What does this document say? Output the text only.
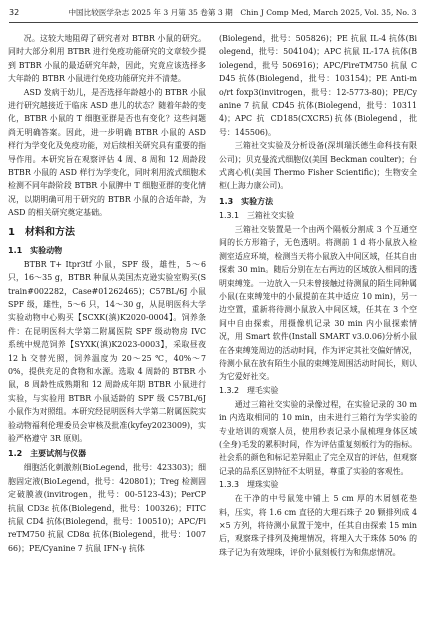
32	中国比较医学杂志 2025 年 3 月第 35 卷第 3 期　Chin J Comp Med, March 2025, Vol. 35, No. 3

况。这较大地阻碍了研究者对 BTBR 小鼠的研究。同时大部分利用 BTBR 进行免疫功能研究的文章较少提到 BTBR 小鼠的最适研究年龄，因此，究竟应该选择多大年龄的 BTBR 小鼠进行免疫功能研究并不清楚。

ASD 发病于幼儿，是否选择年龄越小的 BTBR 小鼠进行研究越接近于临床 ASD 患儿的状态？随着年龄的变化，BTBR 小鼠的 T 细胞亚群是否也有变化？这些问题尚无明确答案。因此，进一步明确 BTBR 小鼠的 ASD 样行为学变化及免疫功能，对后续相关研究具有重要的指导作用。本研究旨在观察评估 4 周、8 周和 12 周龄段 BTBR 小鼠的 ASD 样行为学变化，同时利用流式细胞术检测不同年龄阶段 BTBR 小鼠脾中 T 细胞亚群的变化情况，以期明确可用于研究的 BTBR 小鼠的合适年龄，为 ASD 的相关研究奠定基础。

1　材料和方法
1.1　实验动物

BTBR T+ Itpr3tf 小鼠，SPF 级，雄性，5～6 只，16～35 g，BTBR 种鼠从美国杰克逊实验室购买(Strain#002282，Case#01262465)；C57BL/6J 小鼠 SPF 级，雄性，5～6 只，14～30 g，从昆明医科大学实验动物中心购买【SCXK(滇)K2020-0004】。饲养条件：在昆明医科大学第二附属医院 SPF 级动物房 IVC 系统中规范饲养【SYXK(滇)K2023-0003】，采取昼夜 12 h 交替光照，饲养温度为 20～25 ℃，40%～70%，提供充足的食物和水源。选取 4 周龄的 BTBR 小鼠，8 周龄性成熟期和 12 周龄成年期 BTBR 小鼠进行实验，与实验用 BTBR 小鼠适龄的 SPF 级 C57BL/6J 小鼠作为对照组。本研究经昆明医科大学第二附属医院实验动物福利伦理委员会审核及批准(kyfey2023009)，实验严格遵守 3R 原则。

1.2　主要试剂与仪器

细胞活化刺激剂(BioLegend，批号：423303)；细胞固定液(BioLegend，批号：420801)；Treg 检测固定破膜液(invitrogen，批号：00-5123-43)；PerCP 抗鼠 CD3ε 抗体(Biolegend，批号：100326)；FITC 抗鼠 CD4 抗体(Biolegend，批号：100510)；APC/FireTM750 抗鼠 CD8α 抗体(Biolegend，批号：100766)；PE/Cyanine 7 抗鼠 IFN-γ 抗体

(Biolegend，批号：505826)；PE 抗鼠 IL-4 抗体(Biolegend，批号：504104)；APC 抗鼠 IL-17A 抗体(Biolegend，批号 506916)；APC/FireTM750 抗鼠 CD45 抗体(Biolegend，批号：103154)；PE Anti-mo/rt foxp3(invitrogen，批号：12-5773-80)；PE/Cyanine 7 抗鼠 CD45 抗体(Biolegend，批号：103114)；APC 抗 CD185(CXCR5)抗体(Biolegend，批号：145506)。

三箱社交实验及分析设备(深圳瑞沃德生命科技有限公司)；贝克曼流式细胞仪(美国 Beckman coulter)；台式离心机(美国 Thermo Fisher Scientific)；生物安全柜(上海力康公司)。

1.3　实验方法
1.3.1　三箱社交实验

三箱社交装置是一个由两个隔板分割成 3 个互通空间的长方形箱子，无色透明。将测前 1 d 将小鼠放入检测室适应环境，检测当天将小鼠放入中间区域，任其自由探索 30 min。随后分别在左右两边的区域放入相同的透明束缚笼。一边放入一只未曾接触过待测鼠的陌生同种属小鼠(在束缚笼中的小鼠提前在其中适应 10 min)，另一边空置，重新将待测小鼠放入中间区域，任其在 3 个空间中自由探索，用摄像机记录 30 min 内小鼠探索情况，用 Smart 软件(Install SMART v3.0.06)分析小鼠在各束缚笼周边的活动时间，作为评定其社交偏好情况，待测小鼠在放有陌生小鼠的束缚笼周围活动时间长，则认为它爱好社交。

1.3.2　理毛实验

通过三箱社交实验的录像过程，在实验记录的 30 min 内选取相同的 10 min，由未进行三箱行为学实验的专业培训的观察人员，使用秒表记录小鼠梳理身体区域(全身)毛发的累积时间，作为评估重复刻板行为的指标。社会系的颜色和标记差异阻止了完全双盲的评估，但观察记录的品系区别特征不太明显，尊重了实验的客观性。

1.3.3　埋珠实验

在干净的中号鼠笼中铺上 5 cm 厚的木屑刨花垫料，压实，将 1.6 cm 直径的大理石珠子 20 颗排列成 4×5 方列，将待测小鼠置于笼中，任其自由探索 15 min 后，观察珠子排列及掩埋情况，将埋入大于珠体 50% 的珠子记为有效埋珠，评价小鼠刻板行为和焦虑情况。
